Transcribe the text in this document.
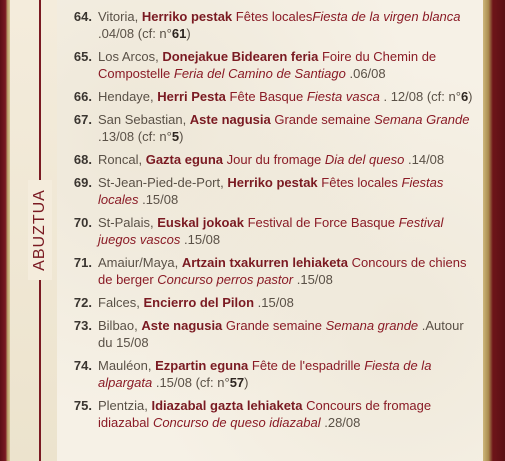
ABUZTUA
64. Vitoria, Herriko pestak Fêtes localesFiesta de la virgen blanca .04/08 (cf: n°61)
65. Los Arcos, Donejakue Bidearen feria Foire du Chemin de Compostelle Feria del Camino de Santiago .06/08
66. Hendaye, Herri Pesta Fête Basque Fiesta vasca . 12/08 (cf: n°6)
67. San Sebastian, Aste nagusia Grande semaine Semana Grande .13/08 (cf: n°5)
68. Roncal, Gazta eguna Jour du fromage Dia del queso .14/08
69. St-Jean-Pied-de-Port, Herriko pestak Fêtes locales Fiestas locales .15/08
70. St-Palais, Euskal jokoak Festival de Force Basque Festival juegos vascos .15/08
71. Amaiur/Maya, Artzain txakurren lehiaketa Concours de chiens de berger Concurso perros pastor .15/08
72. Falces, Encierro del Pilon .15/08
73. Bilbao, Aste nagusia Grande semaine Semana grande .Autour du 15/08
74. Mauléon, Ezpartin eguna Fête de l'espadrille Fiesta de la alpargata .15/08 (cf: n°57)
75. Plentzia, Idiazabal gazta lehiaketa Concours de fromage idiazabal Concurso de queso idiazabal .28/08
